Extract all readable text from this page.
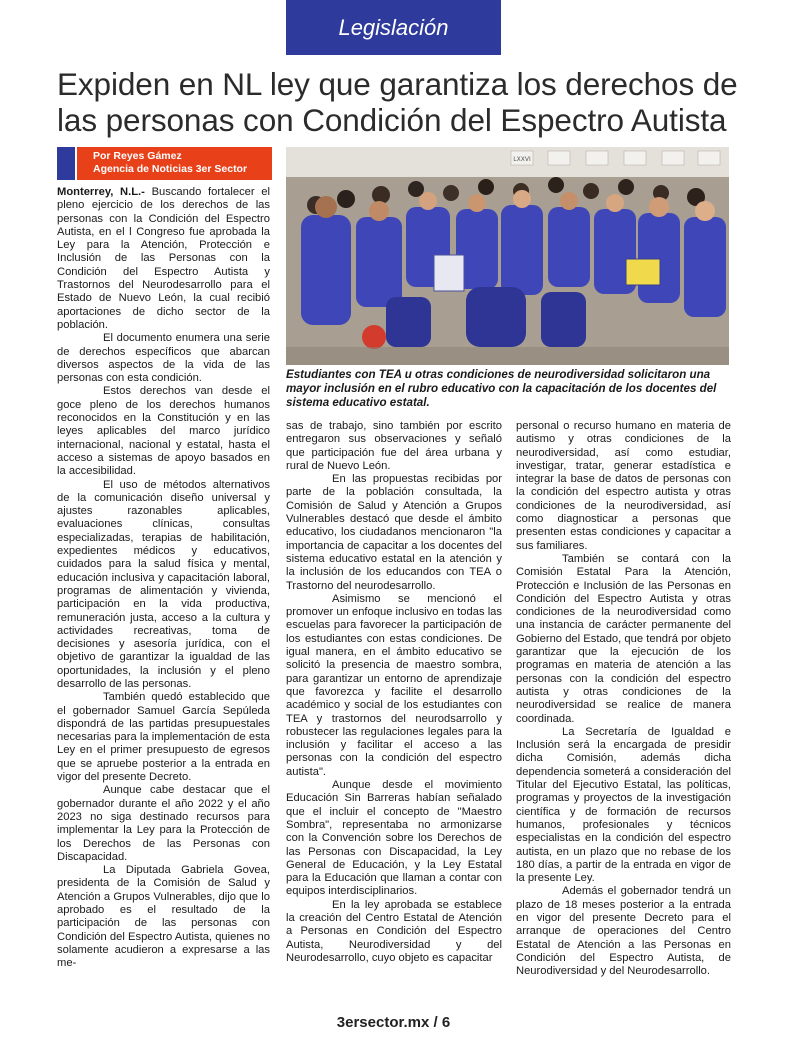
Legislación
Expiden en NL ley que garantiza los derechos de las personas con Condición del Espectro Autista
Por Reyes Gámez
Agencia de Noticias 3er Sector
LXXVI

Estudiantes con TEA u otras condiciones de neurodiversidad solicitaron una mayor inclusión en el rubro educativo con la capacitación de los docentes del sistema educativo estatal.

Monterrey, N.L.- Buscando fortalecer el pleno ejercicio de los derechos de las personas con la Condición del Espectro Autista, en el l Congreso fue aprobada la Ley para la Atención, Protección e Inclusión de las Personas con la Condición del Espectro Autista y Trastornos del Neurodesarrollo para el Estado de Nuevo León, la cual recibió aportaciones de dicho sector de la población.

El documento enumera una serie de derechos específicos que abarcan diversos aspectos de la vida de las personas con esta condición.

Estos derechos van desde el goce pleno de los derechos humanos reconocidos en la Constitución y en las leyes aplicables del marco jurídico internacional, nacional y estatal, hasta el acceso a sistemas de apoyo basados en la accesibilidad.

El uso de métodos alternativos de la comunicación diseño universal y ajustes razonables aplicables, evaluaciones clínicas, consultas especializadas, terapias de habilitación, expedientes médicos y educativos, cuidados para la salud física y mental, educación inclusiva y capacitación laboral, programas de alimentación y vivienda, participación en la vida productiva, remuneración justa, acceso a la cultura y actividades recreativas, toma de decisiones y asesoría jurídica, con el objetivo de garantizar la igualdad de las oportunidades, la inclusión y el pleno desarrollo de las personas.

También quedó establecido que el gobernador Samuel García Sepúleda dispondrá de las partidas presupuestales necesarias para la implementación de esta Ley en el primer presupuesto de egresos que se apruebe posterior a la entrada en vigor del presente Decreto.

Aunque cabe destacar que el gobernador durante el año 2022 y el año 2023 no siga destinado recursos para implementar la Ley para la Protección de los Derechos de las Personas con Discapacidad.

La Diputada Gabriela Govea, presidenta de la Comisión de Salud y Atención a Grupos Vulnerables, dijo que lo aprobado es el resultado de la participación de las personas con Condición del Espectro Autista, quienes no solamente acudieron a expresarse a las me-

sas de trabajo, sino también por escrito entregaron sus observaciones y señaló que participación fue del área urbana y rural de Nuevo León.

En las propuestas recibidas por parte de la población consultada, la Comisión de Salud y Atención a Grupos Vulnerables destacó que desde el ámbito educativo, los ciudadanos mencionaron "la importancia de capacitar a los docentes del sistema educativo estatal en la atención y la inclusión de los educandos con TEA o Trastorno del neurodesarrollo.

Asimismo se mencionó el promover un enfoque inclusivo en todas las escuelas para favorecer la participación de los estudiantes con estas condiciones. De igual manera, en el ámbito educativo se solicitó la presencia de maestro sombra, para garantizar un entorno de aprendizaje que favorezca y facilite el desarrollo académico y social de los estudiantes con TEA y trastornos del neurodsarrollo y robustecer las regulaciones legales para la inclusión y facilitar el acceso a las personas con la condición del espectro autista".

Aunque desde el movimiento Educación Sin Barreras habían señalado que el incluir el concepto de "Maestro Sombra", representaba no armonizarse con la Convención sobre los Derechos de las Personas con Discapacidad, la Ley General de Educación, y la Ley Estatal para la Educación que llaman a contar con equipos interdisciplinarios.

En la ley aprobada se establece la creación del Centro Estatal de Atención a Personas en Condición del Espectro Autista, Neurodiversidad y del Neurodesarrollo, cuyo objeto es capacitar

personal o recurso humano en materia de autismo y otras condiciones de la neurodiversidad, así como estudiar, investigar, tratar, generar estadística e integrar la base de datos de personas con la condición del espectro autista y otras condiciones de la neurodiversidad, así como diagnosticar a personas que presenten estas condiciones y capacitar a sus familiares.

También se contará con la Comisión Estatal Para la Atención, Protección e Inclusión de las Personas en Condición del Espectro Autista y otras condiciones de la neurodiversidad como una instancia de carácter permanente del Gobierno del Estado, que tendrá por objeto garantizar que la ejecución de los programas en materia de atención a las personas con la condición del espectro autista y otras condiciones de la neurodiversidad se realice de manera coordinada.

La Secretaría de Igualdad e Inclusión será la encargada de presidir dicha Comisión, además dicha dependencia someterá a consideración del Titular del Ejecutivo Estatal, las políticas, programas y proyectos de la investigación científica y de formación de recursos humanos, profesionales y técnicos especialistas en la condición del espectro autista, en un plazo que no rebase de los 180 días, a partir de la entrada en vigor de la presente Ley.

Además el gobernador tendrá un plazo de 18 meses posterior a la entrada en vigor del presente Decreto para el arranque de operaciones del Centro Estatal de Atención a las Personas en Condición del Espectro Autista, de Neurodiversidad y del Neurodesarrollo.

3ersector.mx / 6
